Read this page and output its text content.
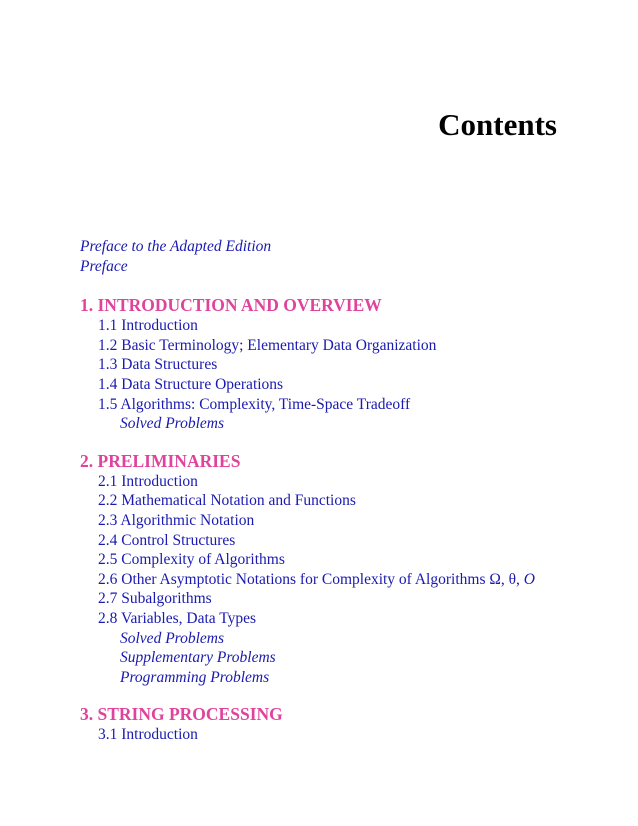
Contents
Preface to the Adapted Edition
Preface
1. INTRODUCTION AND OVERVIEW
1.1 Introduction
1.2 Basic Terminology; Elementary Data Organization
1.3 Data Structures
1.4 Data Structure Operations
1.5 Algorithms: Complexity, Time-Space Tradeoff
Solved Problems
2. PRELIMINARIES
2.1 Introduction
2.2 Mathematical Notation and Functions
2.3 Algorithmic Notation
2.4 Control Structures
2.5 Complexity of Algorithms
2.6 Other Asymptotic Notations for Complexity of Algorithms Ω, θ, O
2.7 Subalgorithms
2.8 Variables, Data Types
Solved Problems
Supplementary Problems
Programming Problems
3. STRING PROCESSING
3.1 Introduction
